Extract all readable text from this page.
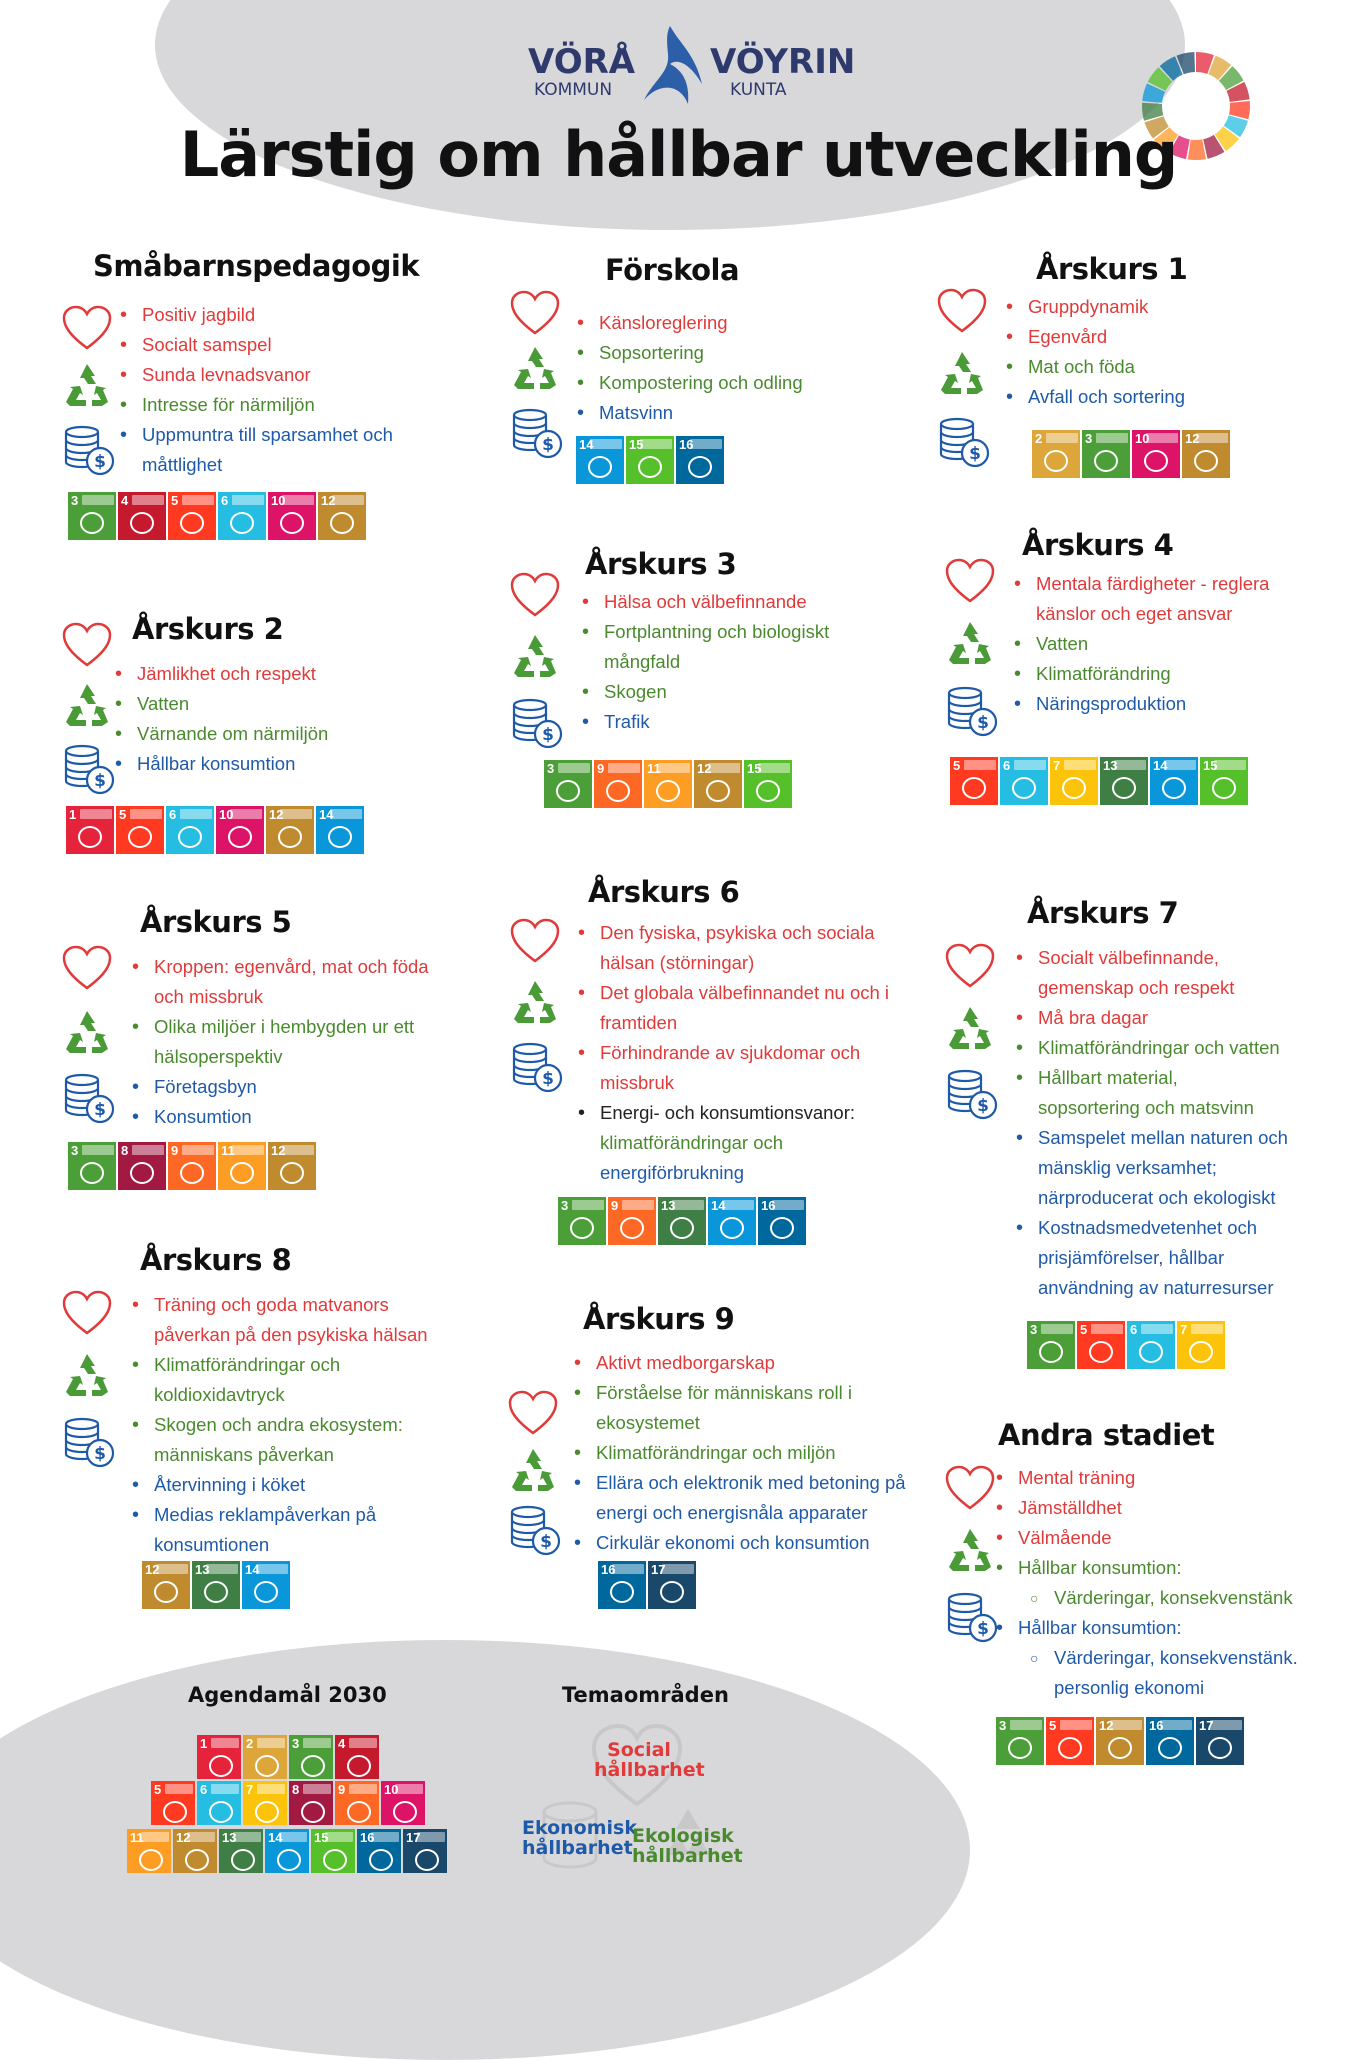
VÖRÅ
KOMMUN
VÖYRIN
KUNTA
Lärstig om hållbar utveckling
Småbarnspedagogik
$
• Positiv jagbild
• Socialt samspel
• Sunda levnadsvanor
• Intresse för närmiljön
• Uppmuntra till sparsamhet och
måttlighet
3	4	5	6	10	12
Förskola
$
• Känsloreglering
• Sopsortering
• Kompostering och odling
• Matsvinn
14	15	16
Årskurs 1
$
• Gruppdynamik
• Egenvård
• Mat och föda
• Avfall och sortering
2	3	10	12
Årskurs 2
$
• Jämlikhet och respekt
• Vatten
• Värnande om närmiljön
• Hållbar konsumtion
1	5	6	10	12	14
Årskurs 3
$
• Hälsa och välbefinnande
• Fortplantning och biologiskt
mångfald
• Skogen
• Trafik
3	9	11	12	15
Årskurs 4
$
• Mentala färdigheter - reglera
känslor och eget ansvar
• Vatten
• Klimatförändring
• Näringsproduktion
5	6	7	13	14	15
Årskurs 5
$
• Kroppen: egenvård, mat och föda
och missbruk
• Olika miljöer i hembygden ur ett
hälsoperspektiv
• Företagsbyn
• Konsumtion
3	8	9	11	12
Årskurs 6
$
• Den fysiska, psykiska och sociala
hälsan (störningar)
• Det globala välbefinnandet nu och i
framtiden
• Förhindrande av sjukdomar och
missbruk
• Energi- och konsumtionsvanor:
klimatförändringar och
energiförbrukning
3	9	13	14	16
Årskurs 7
$
• Socialt välbefinnande,
gemenskap och respekt
• Må bra dagar
• Klimatförändringar och vatten
• Hållbart material,
sopsortering och matsvinn
• Samspelet mellan naturen och
mänsklig verksamhet;
närproducerat och ekologiskt
• Kostnadsmedvetenhet och
prisjämförelser, hållbar
användning av naturresurser
3	5	6	7
Årskurs 8
$
• Träning och goda matvanors
påverkan på den psykiska hälsan
• Klimatförändringar och
koldioxidavtryck
• Skogen och andra ekosystem:
människans påverkan
• Återvinning i köket
• Medias reklampåverkan på
konsumtionen
12	13	14
Årskurs 9
$
• Aktivt medborgarskap
• Förståelse för människans roll i
ekosystemet
• Klimatförändringar och miljön
• Ellära och elektronik med betoning på
energi och energisnåla apparater
• Cirkulär ekonomi och konsumtion
16	17
Andra stadiet
$
• Mental träning
• Jämställdhet
• Välmående
• Hållbar konsumtion:
○ Värderingar, konsekvenstänk
• Hållbar konsumtion:
○ Värderingar, konsekvenstänk.
personlig ekonomi
3	5	12	16	17
Agendamål 2030	Temaområden
1	2	3	4
5	6	7	8	9	10
11 12 13 14 15 16 17
Social
hållbarhet
Ekonomisk
hållbarhet
Ekologisk
hållbarhet
